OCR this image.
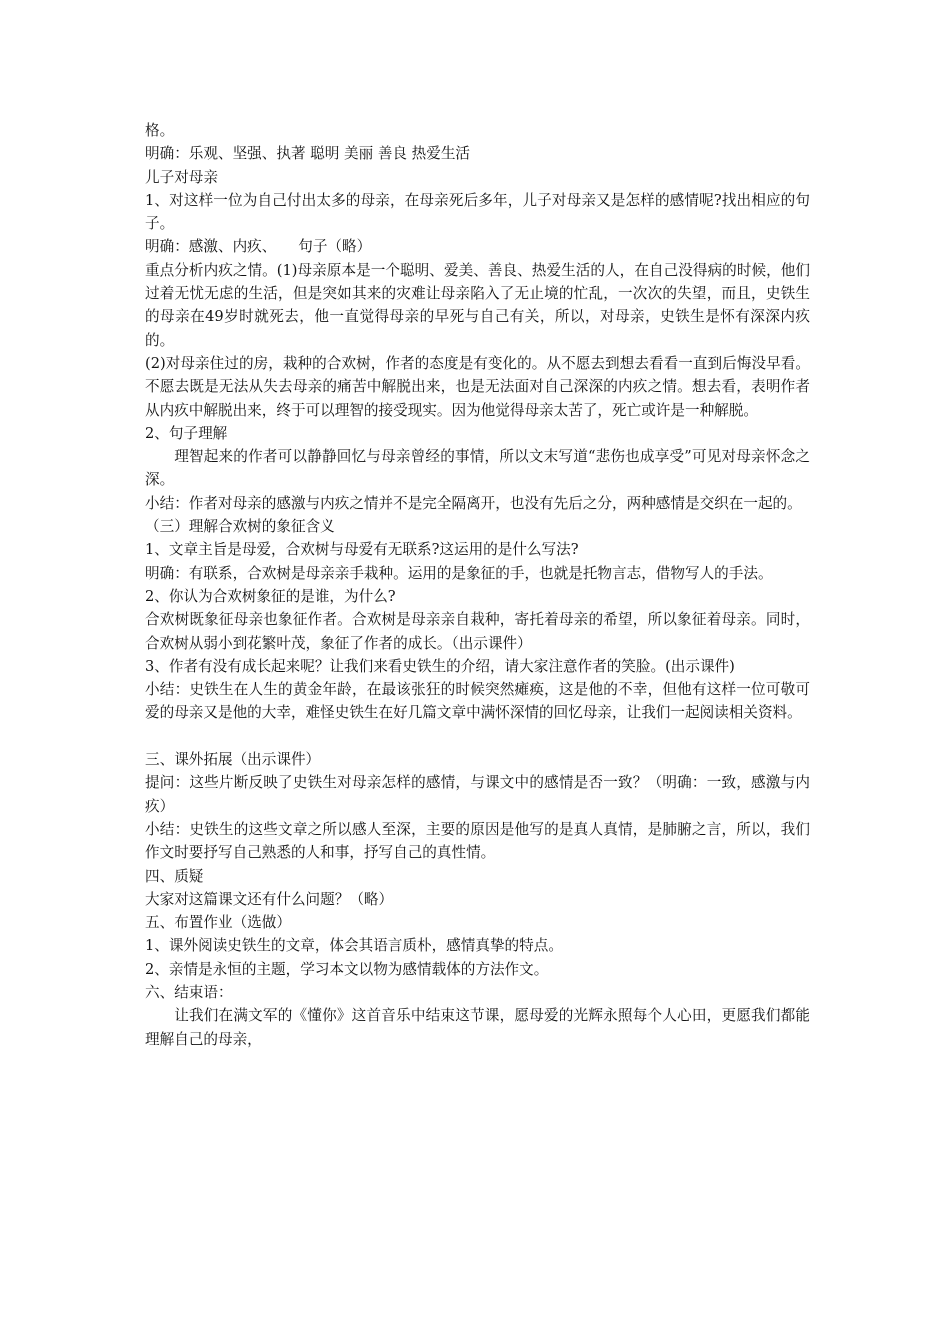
格。

明确：乐观、坚强、执著 聪明 美丽 善良 热爱生活

儿子对母亲

1、对这样一位为自己付出太多的母亲，在母亲死后多年，儿子对母亲又是怎样的感情呢?找出相应的句子。

明确：感激、内疚、　　句子（略）

重点分析内疚之情。(1)母亲原本是一个聪明、爱美、善良、热爱生活的人，在自己没得病的时候，他们过着无忧无虑的生活，但是突如其来的灾难让母亲陷入了无止境的忙乱，一次次的失望，而且，史铁生的母亲在49岁时就死去，他一直觉得母亲的早死与自己有关，所以，对母亲，史铁生是怀有深深内疚的。

(2)对母亲住过的房，栽种的合欢树，作者的态度是有变化的。从不愿去到想去看看一直到后悔没早看。不愿去既是无法从失去母亲的痛苦中解脱出来，也是无法面对自己深深的内疚之情。想去看，表明作者从内疚中解脱出来，终于可以理智的接受现实。因为他觉得母亲太苦了，死亡或许是一种解脱。

2、句子理解

理智起来的作者可以静静回忆与母亲曾经的事情，所以文末写道“悲伤也成享受”可见对母亲怀念之深。

小结：作者对母亲的感激与内疚之情并不是完全隔离开，也没有先后之分，两种感情是交织在一起的。

（三）理解合欢树的象征含义

1、文章主旨是母爱，合欢树与母爱有无联系?这运用的是什么写法?

明确：有联系，合欢树是母亲亲手栽种。运用的是象征的手，也就是托物言志，借物写人的手法。

2、你认为合欢树象征的是谁，为什么?

合欢树既象征母亲也象征作者。合欢树是母亲亲自栽种，寄托着母亲的希望，所以象征着母亲。同时，合欢树从弱小到花繁叶茂，象征了作者的成长。（出示课件）

3、作者有没有成长起来呢？让我们来看史铁生的介绍，请大家注意作者的笑脸。(出示课件)

小结：史铁生在人生的黄金年龄，在最该张狂的时候突然瘫痪，这是他的不幸，但他有这样一位可敬可爱的母亲又是他的大幸，难怪史铁生在好几篇文章中满怀深情的回忆母亲，让我们一起阅读相关资料。

三、课外拓展（出示课件）

提问：这些片断反映了史铁生对母亲怎样的感情，与课文中的感情是否一致？（明确：一致，感激与内疚）

小结：史铁生的这些文章之所以感人至深，主要的原因是他写的是真人真情，是肺腑之言，所以，我们作文时要抒写自己熟悉的人和事，抒写自己的真性情。

四、质疑

大家对这篇课文还有什么问题？（略）

五、布置作业（选做）

1、课外阅读史铁生的文章，体会其语言质朴，感情真挚的特点。

2、亲情是永恒的主题，学习本文以物为感情载体的方法作文。

六、结束语：

让我们在满文军的《懂你》这首音乐中结束这节课，愿母爱的光辉永照每个人心田，更愿我们都能理解自己的母亲，
